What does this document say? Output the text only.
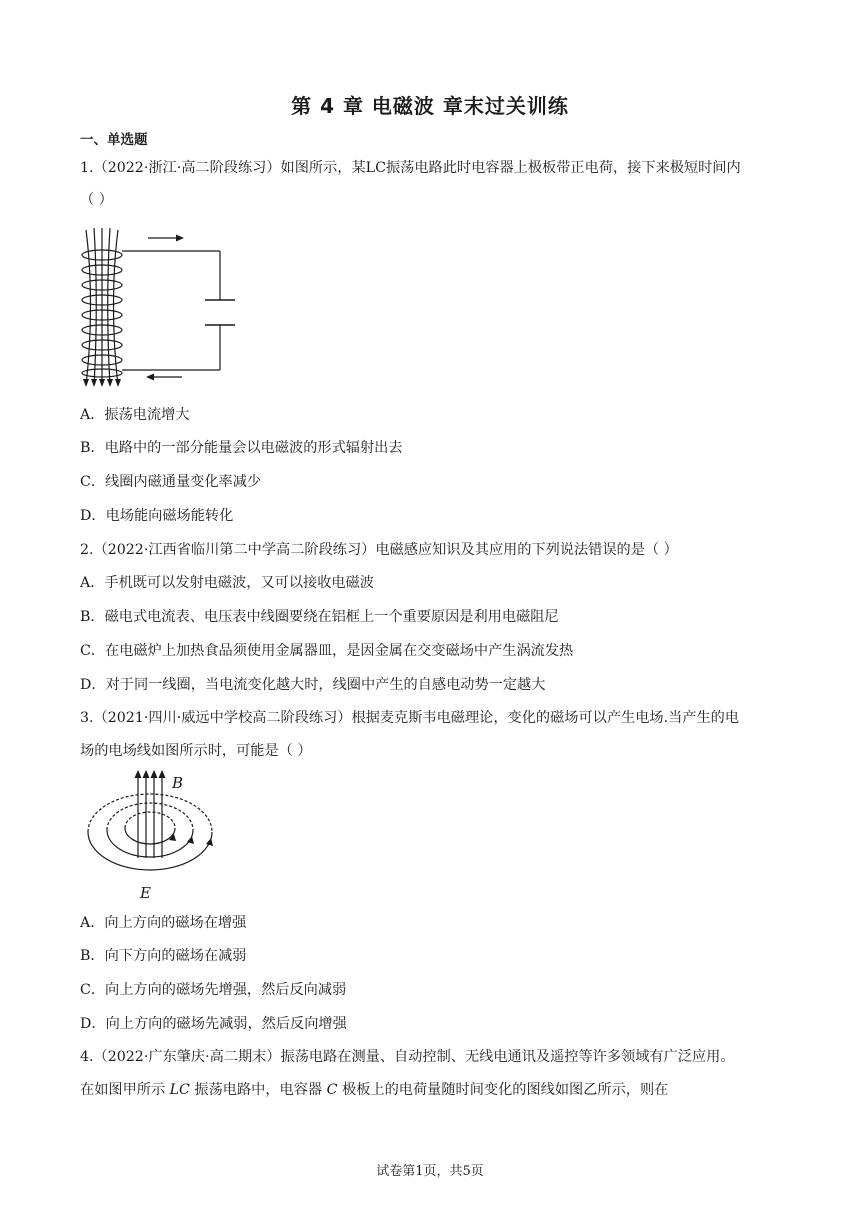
第 4 章 电磁波 章末过关训练
一、单选题
1.（2022·浙江·高二阶段练习）如图所示，某LC振荡电路此时电容器上极板带正电荷，接下来极短时间内
（ ）
A．振荡电流增大
B．电路中的一部分能量会以电磁波的形式辐射出去
C．线圈内磁通量变化率减少
D．电场能向磁场能转化
2.（2022·江西省临川第二中学高二阶段练习）电磁感应知识及其应用的下列说法错误的是（ ）
A．手机既可以发射电磁波，又可以接收电磁波
B．磁电式电流表、电压表中线圈要绕在铝框上一个重要原因是利用电磁阻尼
C．在电磁炉上加热食品须使用金属器皿，是因金属在交变磁场中产生涡流发热
D．对于同一线圈，当电流变化越大时，线圈中产生的自感电动势一定越大
3.（2021·四川·威远中学校高二阶段练习）根据麦克斯韦电磁理论，变化的磁场可以产生电场.当产生的电
场的电场线如图所示时，可能是（ ）
B
E
A．向上方向的磁场在增强
B．向下方向的磁场在减弱
C．向上方向的磁场先增强，然后反向减弱
D．向上方向的磁场先减弱，然后反向增强
4.（2022·广东肇庆·高二期末）振荡电路在测量、自动控制、无线电通讯及遥控等许多领域有广泛应用。
在如图甲所示 LC 振荡电路中，电容器 C 极板上的电荷量随时间变化的图线如图乙所示，则在
试卷第1页，共5页
